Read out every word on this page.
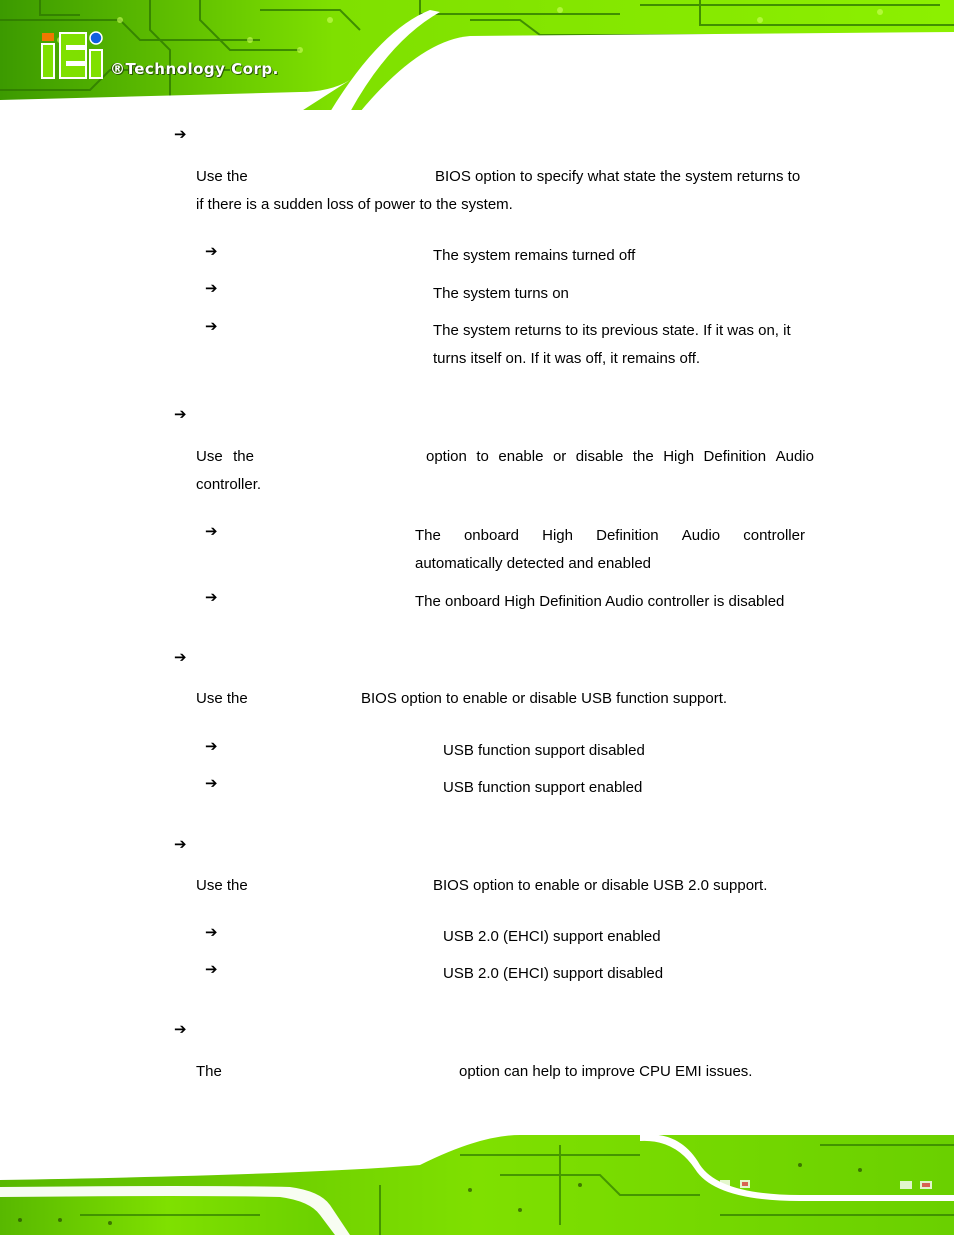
®Technology Corp.
➔
Use the	BIOS option to specify what state the system returns to
if there is a sudden loss of power to the system.
➔	The system remains turned off
➔	The system turns on
➔	The system returns to its previous state. If it was on, it
turns itself on. If it was off, it remains off.
➔
Use the	option to enable or disable the High Definition Audio
controller.
➔	The onboard High Definition Audio controller
automatically detected and enabled
➔	The onboard High Definition Audio controller is disabled
➔
Use the	BIOS option to enable or disable USB function support.
➔	USB function support disabled
➔	USB function support enabled
➔
Use the	BIOS option to enable or disable USB 2.0 support.
➔	USB 2.0 (EHCI) support enabled
➔	USB 2.0 (EHCI) support disabled
➔
The	option can help to improve CPU EMI issues.
